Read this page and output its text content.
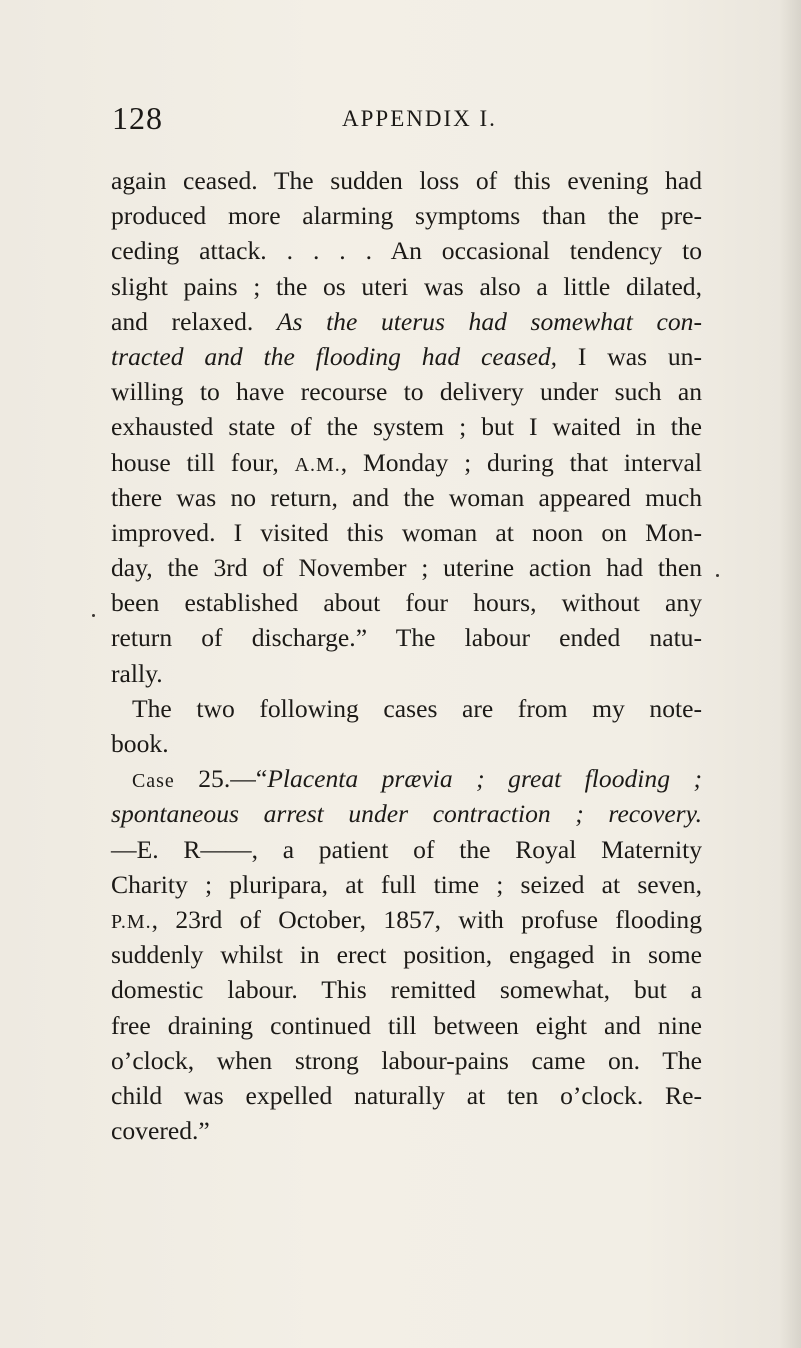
128	APPENDIX I.
again ceased. The sudden loss of this evening had
produced more alarming symptoms than the pre-
ceding attack. . . . . An occasional tendency to
slight pains ; the os uteri was also a little dilated,
and relaxed. As the uterus had somewhat con-
tracted and the flooding had ceased, I was un-
willing to have recourse to delivery under such an
exhausted state of the system ; but I waited in the
house till four, A.M., Monday ; during that interval
there was no return, and the woman appeared much
improved. I visited this woman at noon on Mon-
day, the 3rd of November ; uterine action had then
been established about four hours, without any
return of discharge.” The labour ended natu-
rally.
The two following cases are from my note-
book.
Case 25.—“Placenta prævia ; great flooding ;
spontaneous arrest under contraction ; recovery.
—E. R——, a patient of the Royal Maternity
Charity ; pluripara, at full time ; seized at seven,
P.M., 23rd of October, 1857, with profuse flooding
suddenly whilst in erect position, engaged in some
domestic labour. This remitted somewhat, but a
free draining continued till between eight and nine
o’clock, when strong labour-pains came on. The
child was expelled naturally at ten o’clock. Re-
covered.”
